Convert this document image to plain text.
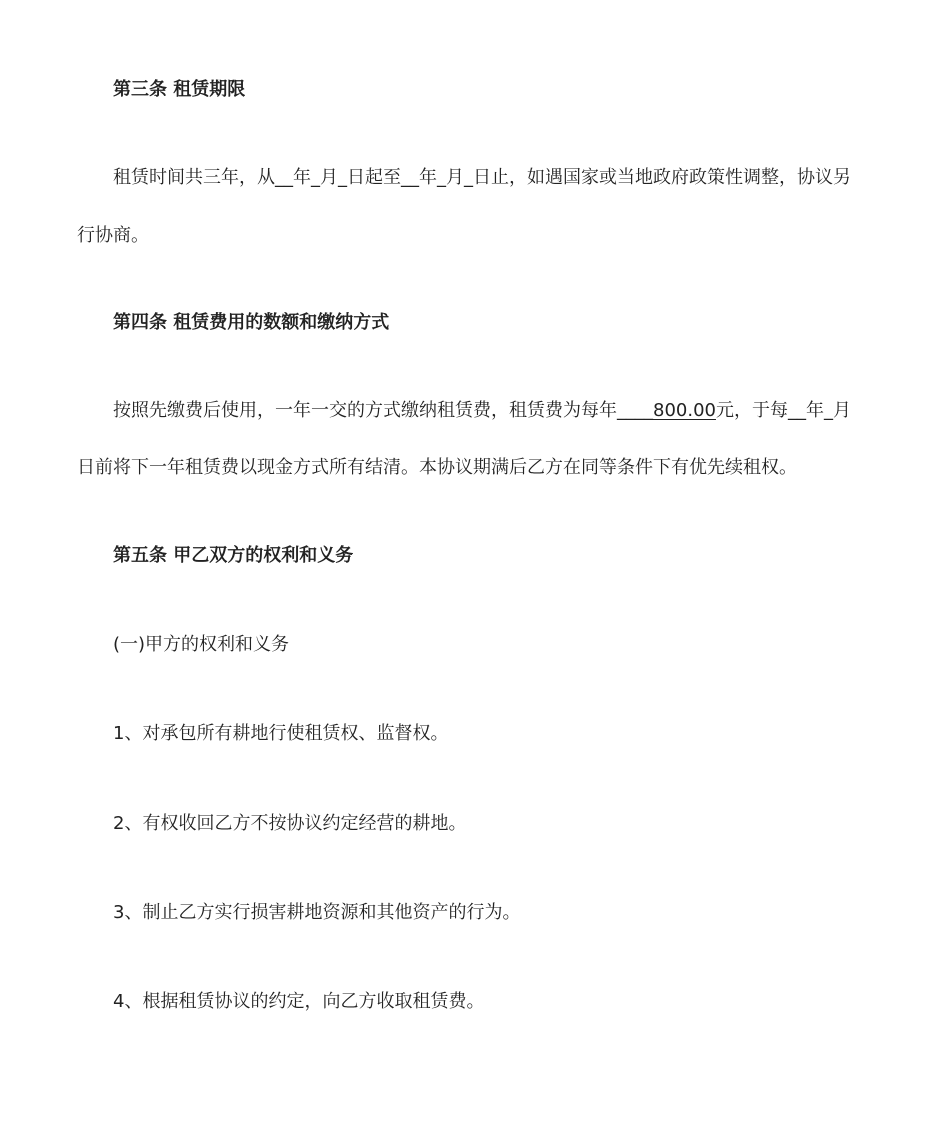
第三条 租赁期限
租赁时间共三年，从__年_月_日起至__年_月_日止，如遇国家或当地政府政策性调整，协议另
行协商。
第四条 租赁费用的数额和缴纳方式
按照先缴费后使用，一年一交的方式缴纳租赁费，租赁费为每年____800.00元，于每__年_月
日前将下一年租赁费以现金方式所有结清。本协议期满后乙方在同等条件下有优先续租权。
第五条 甲乙双方的权利和义务
(一)甲方的权利和义务
1、对承包所有耕地行使租赁权、监督权。
2、有权收回乙方不按协议约定经营的耕地。
3、制止乙方实行损害耕地资源和其他资产的行为。
4、根据租赁协议的约定，向乙方收取租赁费。
